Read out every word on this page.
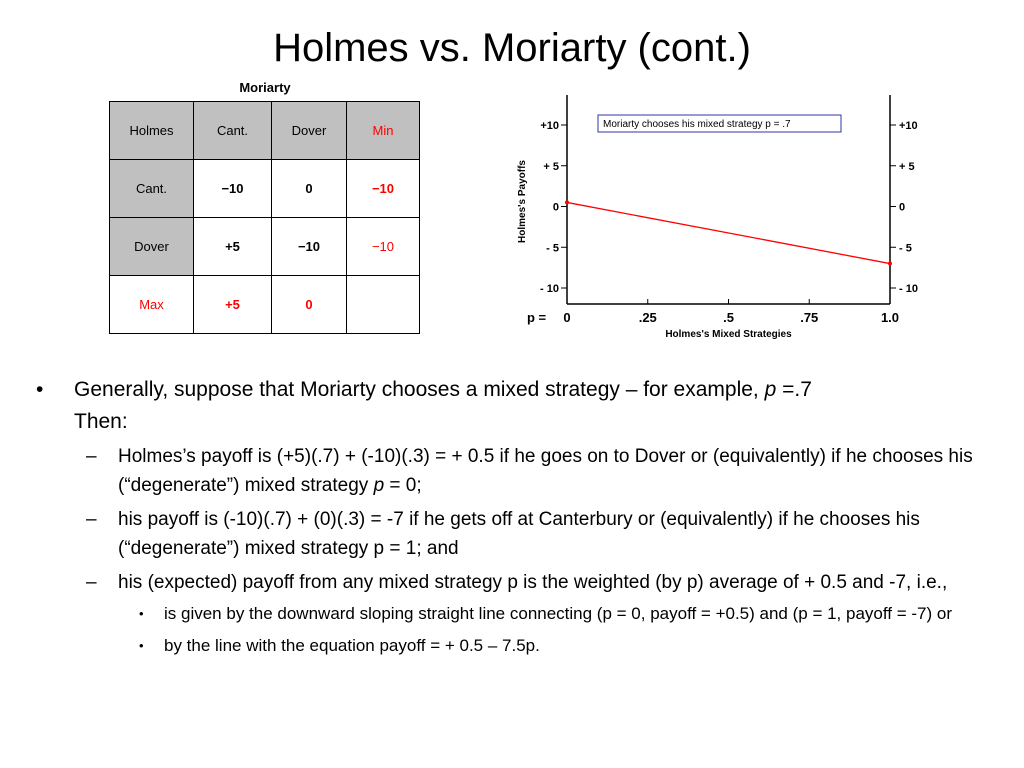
Holmes vs. Moriarty (cont.)
Moriarty
Holmes	Cant.	Dover	Min
Cant.	−10	0	−10
Dover	+5	−10	−10
Max	+5	0	
+10	+10
+ 5	+ 5
0	0
- 5	- 5
- 10	- 10
0	.25	.5	.75	1.0
p =
Holmes's Mixed Strategies
Holmes's Payoffs
Moriarty chooses his mixed strategy p = .7
• Generally, suppose that Moriarty chooses a mixed strategy – for example, p =.7
Then:
– Holmes’s payoff is (+5)(.7) + (-10)(.3) = + 0.5 if he goes on to Dover or (equivalently) if he chooses his (“degenerate”) mixed strategy p = 0;
– his payoff is (-10)(.7) + (0)(.3) = -7 if he gets off at Canterbury or (equivalently) if he chooses his (“degenerate”) mixed strategy p = 1; and
– his (expected) payoff from any mixed strategy p is the weighted (by p) average of + 0.5 and -7, i.e.,
• is given by the downward sloping straight line connecting (p = 0, payoff = +0.5) and (p = 1, payoff = -7) or
• by the line with the equation payoff = + 0.5 – 7.5p.
